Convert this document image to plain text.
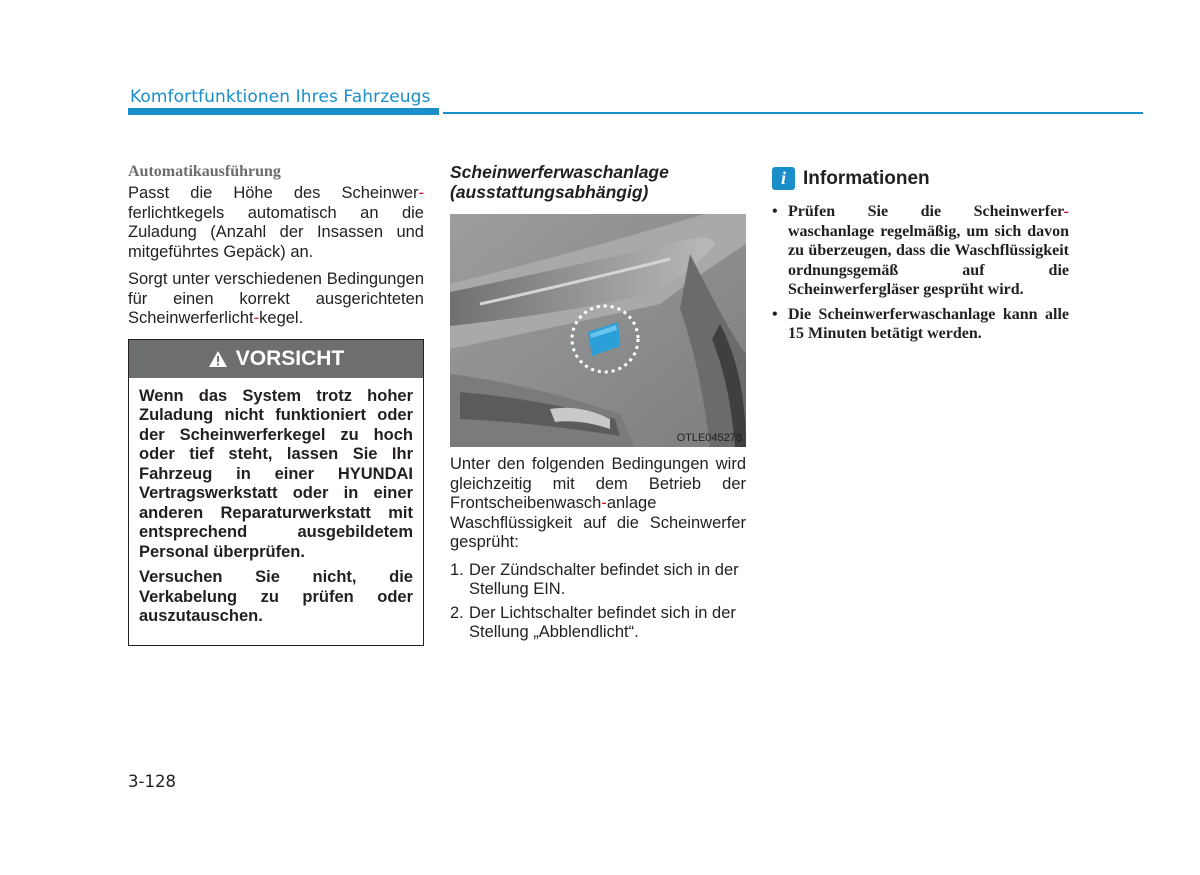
Komfortfunktionen Ihres Fahrzeugs
Automatikausführung

Passt die Höhe des Scheinwer-ferlichtkegels automatisch an die Zuladung (Anzahl der Insassen und mitgeführtes Gepäck) an.

Sorgt unter verschiedenen Bedingungen für einen korrekt ausgerichteten Scheinwerferlicht-kegel.

VORSICHT

Wenn das System trotz hoher Zuladung nicht funktioniert oder der Scheinwerferkegel zu hoch oder tief steht, lassen Sie Ihr Fahrzeug in einer HYUNDAI Vertragswerkstatt oder in einer anderen Reparaturwerkstatt mit entsprechend ausgebildetem Personal überprüfen.

Versuchen Sie nicht, die Verkabelung zu prüfen oder auszutauschen.

Scheinwerferwaschanlage
(ausstattungsabhängig)
OTLE045278

Unter den folgenden Bedingungen wird gleichzeitig mit dem Betrieb der Frontscheibenwasch-anlage Waschflüssigkeit auf die Scheinwerfer gesprüht:

1. Der Zündschalter befindet sich in der Stellung EIN.
2. Der Lichtschalter befindet sich in der Stellung „Abblendlicht“.
i Informationen
• Prüfen Sie die Scheinwerfer-waschanlage regelmäßig, um sich davon zu überzeugen, dass die Waschflüssigkeit ordnungsgemäß auf die Scheinwerfergläser gesprüht wird.
• Die Scheinwerferwaschanlage kann alle 15 Minuten betätigt werden.
3-128
